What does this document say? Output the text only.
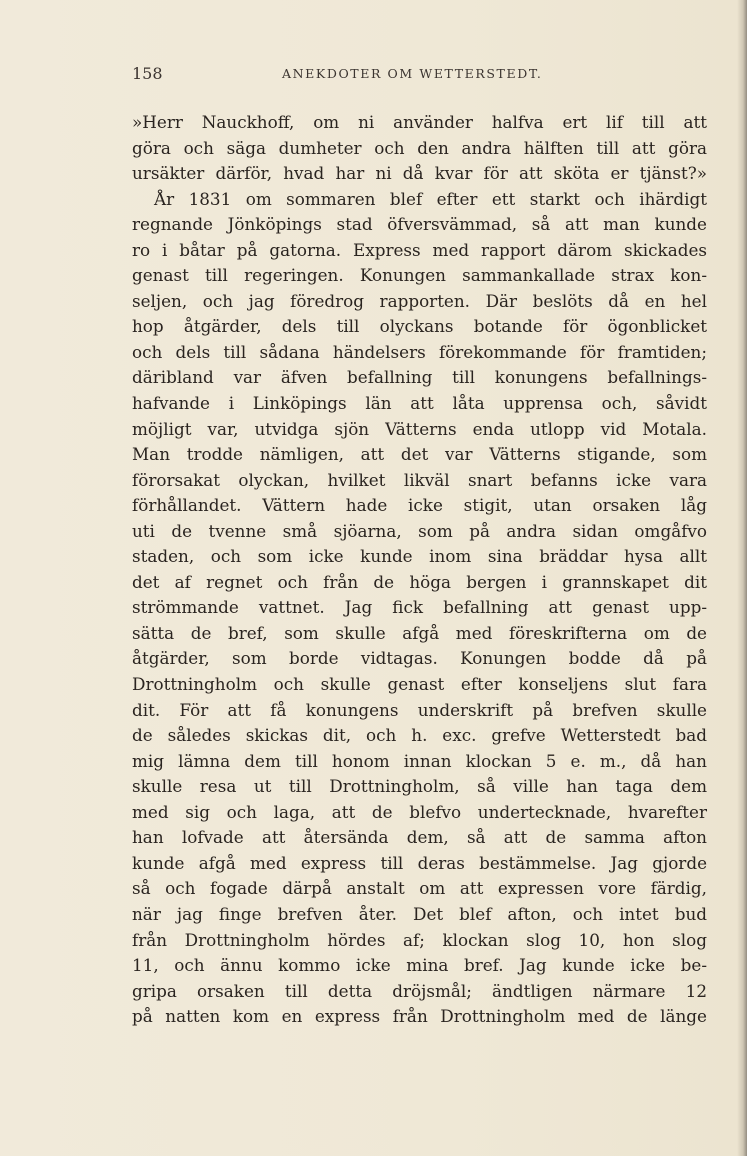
158	ANEKDOTER OM WETTERSTEDT.
»Herr Nauckhoff, om ni använder halfva ert lif till att
göra och säga dumheter och den andra hälften till att göra
ursäkter därför, hvad har ni då kvar för att sköta er tjänst?»
År 1831 om sommaren blef efter ett starkt och ihärdigt
regnande Jönköpings stad öfversvämmad, så att man kunde
ro i båtar på gatorna. Express med rapport därom skickades
genast till regeringen. Konungen sammankallade strax kon-
seljen, och jag föredrog rapporten. Där beslöts då en hel
hop åtgärder, dels till olyckans botande för ögonblicket
och dels till sådana händelsers förekommande för framtiden;
däribland var äfven befallning till konungens befallnings-
hafvande i Linköpings län att låta upprensa och, såvidt
möjligt var, utvidga sjön Vätterns enda utlopp vid Motala.
Man trodde nämligen, att det var Vätterns stigande, som
förorsakat olyckan, hvilket likväl snart befanns icke vara
förhållandet. Vättern hade icke stigit, utan orsaken låg
uti de tvenne små sjöarna, som på andra sidan omgåfvo
staden, och som icke kunde inom sina bräddar hysa allt
det af regnet och från de höga bergen i grannskapet dit
strömmande vattnet. Jag fick befallning att genast upp-
sätta de bref, som skulle afgå med föreskrifterna om de
åtgärder, som borde vidtagas. Konungen bodde då på
Drottningholm och skulle genast efter konseljens slut fara
dit. För att få konungens underskrift på brefven skulle
de således skickas dit, och h. exc. grefve Wetterstedt bad
mig lämna dem till honom innan klockan 5 e. m., då han
skulle resa ut till Drottningholm, så ville han taga dem
med sig och laga, att de blefvo undertecknade, hvarefter
han lofvade att återsända dem, så att de samma afton
kunde afgå med express till deras bestämmelse. Jag gjorde
så och fogade därpå anstalt om att expressen vore färdig,
när jag finge brefven åter. Det blef afton, och intet bud
från Drottningholm hördes af; klockan slog 10, hon slog
11, och ännu kommo icke mina bref. Jag kunde icke be-
gripa orsaken till detta dröjsmål; ändtligen närmare 12
på natten kom en express från Drottningholm med de länge
